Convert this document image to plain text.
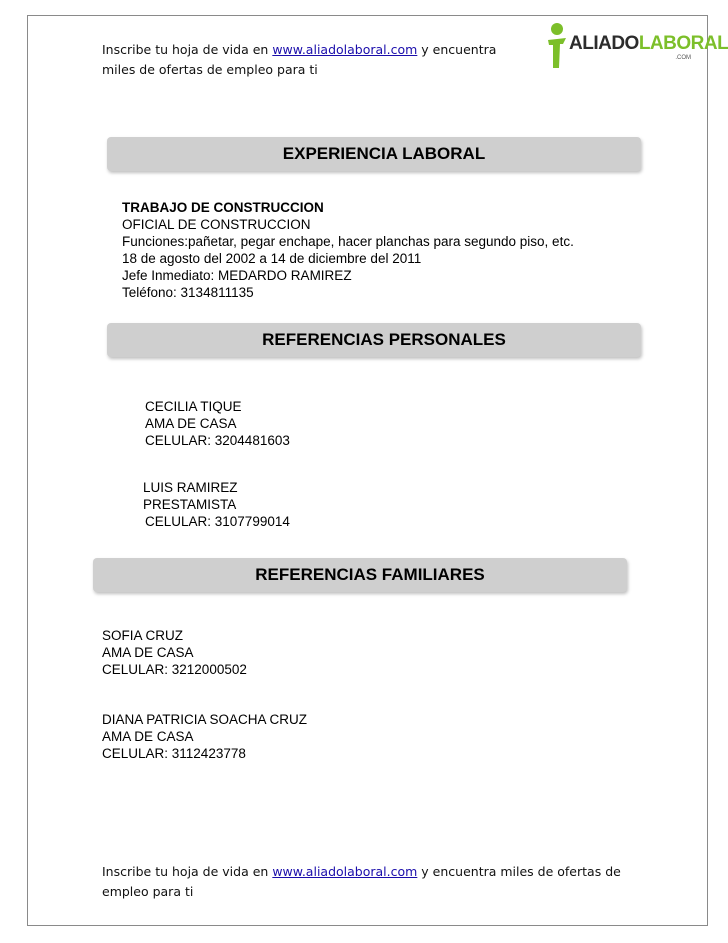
Inscribe tu hoja de vida en www.aliadolaboral.com y encuentra
miles de ofertas de empleo para ti
ALIADOLABORAL
.COM
EXPERIENCIA LABORAL
TRABAJO DE CONSTRUCCION
OFICIAL DE CONSTRUCCION
Funciones:pañetar, pegar enchape, hacer planchas para segundo piso, etc.
18 de agosto del 2002 a 14 de diciembre del 2011
Jefe Inmediato: MEDARDO RAMIREZ
Teléfono: 3134811135
REFERENCIAS PERSONALES
CECILIA TIQUE
AMA DE CASA
CELULAR: 3204481603
LUIS RAMIREZ
PRESTAMISTA
CELULAR: 3107799014
REFERENCIAS FAMILIARES
SOFIA CRUZ
AMA DE CASA
CELULAR: 3212000502
DIANA PATRICIA SOACHA CRUZ
AMA DE CASA
CELULAR: 3112423778
Inscribe tu hoja de vida en www.aliadolaboral.com y encuentra miles de ofertas de
empleo para ti
